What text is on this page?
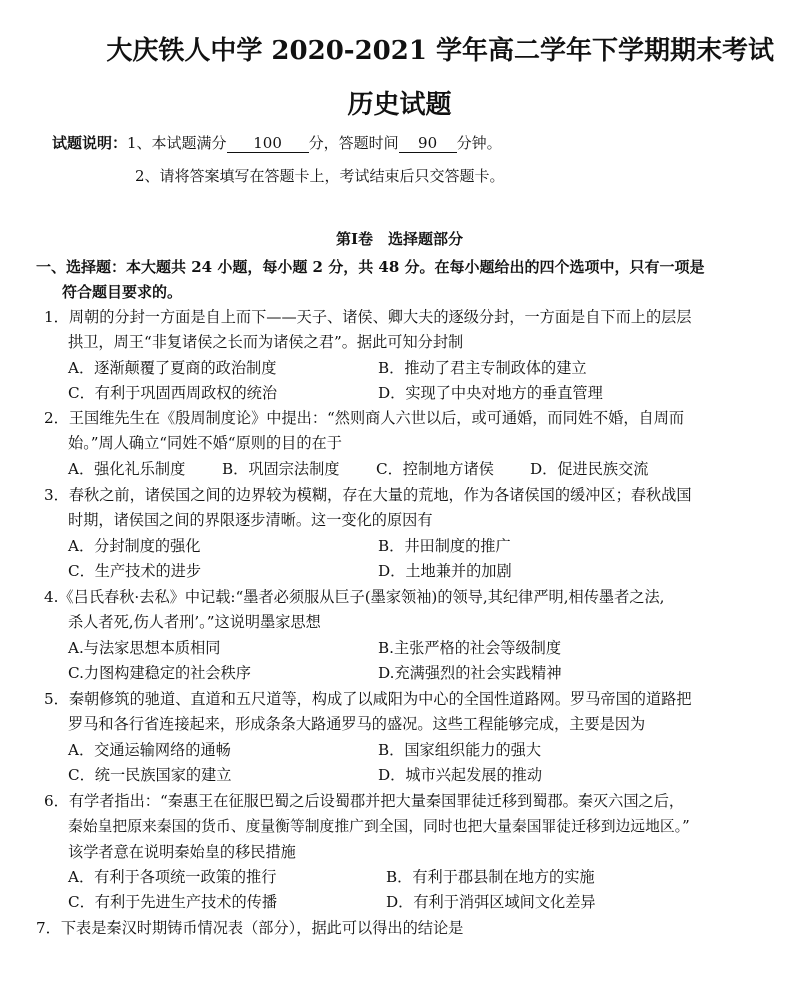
大庆铁人中学 2020-2021 学年高二学年下学期期末考试
历史试题
试题说明：1、本试题满分 100 分，答题时间 90 分钟。
2、请将答案填写在答题卡上，考试结束后只交答题卡。
第Ⅰ卷　选择题部分
一、选择题：本大题共 24 小题，每小题 2 分，共 48 分。在每小题给出的四个选项中，只有一项是
符合题目要求的。
1．周朝的分封一方面是自上而下——天子、诸侯、卿大夫的逐级分封，一方面是自下而上的层层
拱卫，周王“非复诸侯之长而为诸侯之君”。据此可知分封制
A．逐渐颠覆了夏商的政治制度	B．推动了君主专制政体的建立
C．有利于巩固西周政权的统治	D．实现了中央对地方的垂直管理
2．王国维先生在《殷周制度论》中提出：“然则商人六世以后，或可通婚，而同姓不婚，自周而
始。”周人确立“同姓不婚“原则的目的在于
A．强化礼乐制度 B．巩固宗法制度 C．控制地方诸侯 D．促进民族交流
3．春秋之前，诸侯国之间的边界较为模糊，存在大量的荒地，作为各诸侯国的缓冲区；春秋战国
时期，诸侯国之间的界限逐步清晰。这一变化的原因有
A．分封制度的强化	B．井田制度的推广
C．生产技术的进步	D．土地兼并的加剧
4.《吕氏春秋·去私》中记载:“墨者必须服从巨子(墨家领袖)的领导,其纪律严明,相传墨者之法,
杀人者死,伤人者刑’。”这说明墨家思想
A.与法家思想本质相同	B.主张严格的社会等级制度
C.力图构建稳定的社会秩序	D.充满强烈的社会实践精神
5．秦朝修筑的驰道、直道和五尺道等，构成了以咸阳为中心的全国性道路网。罗马帝国的道路把
罗马和各行省连接起来，形成条条大路通罗马的盛况。这些工程能够完成，主要是因为
A．交通运输网络的通畅	B．国家组织能力的强大
C．统一民族国家的建立	D．城市兴起发展的推动
6．有学者指出：“秦惠王在征服巴蜀之后设蜀郡并把大量秦国罪徒迁移到蜀郡。秦灭六国之后，
秦始皇把原来秦国的货币、度量衡等制度推广到全国，同时也把大量秦国罪徒迁移到边远地区。”
该学者意在说明秦始皇的移民措施
A．有利于各项统一政策的推行	B．有利于郡县制在地方的实施
C．有利于先进生产技术的传播	D．有利于消弭区域间文化差异
7．下表是秦汉时期铸币情况表（部分），据此可以得出的结论是
